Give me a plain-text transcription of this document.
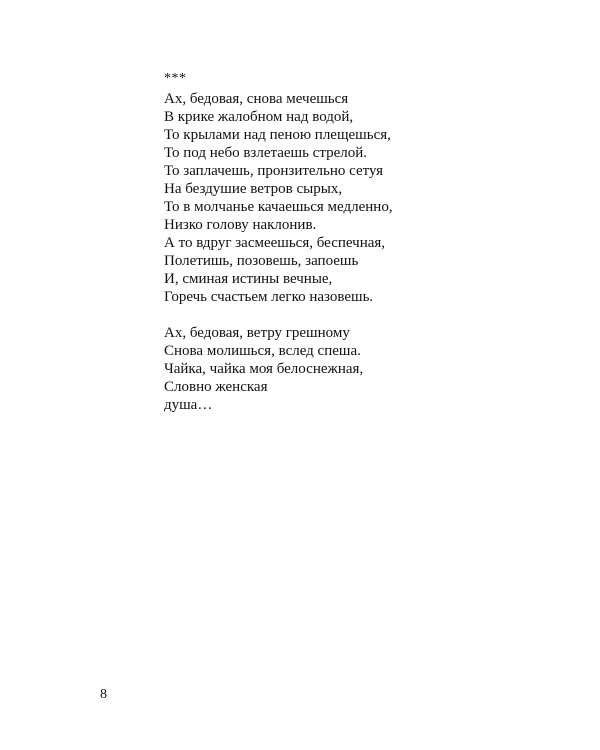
***
Ах, бедовая, снова мечешься
В крике жалобном над водой,
То крылами над пеною плещешься,
То под небо взлетаешь стрелой.
То заплачешь, пронзительно сетуя
На бездушие ветров сырых,
То в молчанье качаешься медленно,
Низко голову наклонив.
А то вдруг засмеешься, беспечная,
Полетишь, позовешь, запоешь
И, сминая истины вечные,
Горечь счастьем легко назовешь.
Ах, бедовая, ветру грешному
Снова молишься, вслед спеша.
Чайка, чайка моя белоснежная,
Словно женская
душа…
8
